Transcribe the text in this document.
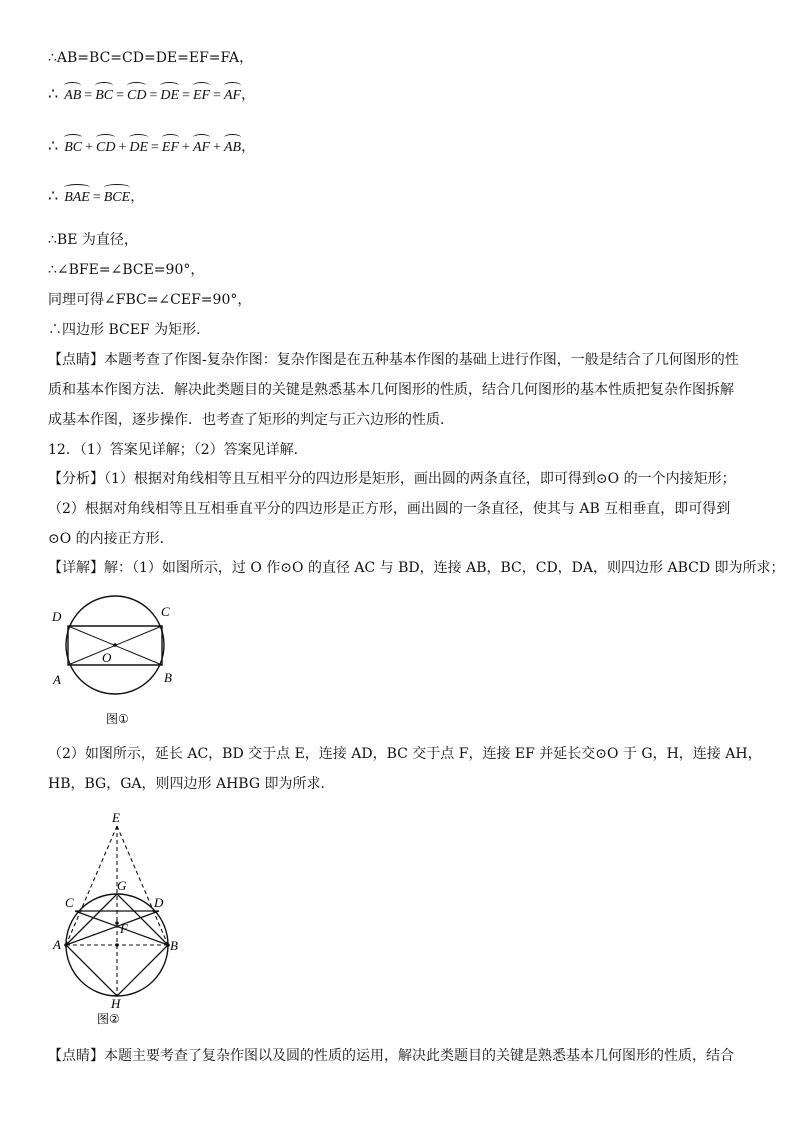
∴AB=BC=CD=DE=EF=FA，
∴ AB = BC = CD = DE = EF = AF，
∴ BC + CD + DE = EF + AF + AB，
∴ BAE = BCE，
∴BE 为直径，
∴∠BFE=∠BCE=90°，
同理可得∠FBC=∠CEF=90°，
∴四边形 BCEF 为矩形．
【点睛】本题考查了作图-复杂作图：复杂作图是在五种基本作图的基础上进行作图，一般是结合了几何图形的性
质和基本作图方法．解决此类题目的关键是熟悉基本几何图形的性质，结合几何图形的基本性质把复杂作图拆解
成基本作图，逐步操作．也考查了矩形的判定与正六边形的性质．
12．（1）答案见详解；（2）答案见详解．
【分析】（1）根据对角线相等且互相平分的四边形是矩形，画出圆的两条直径，即可得到⊙O 的一个内接矩形；
（2）根据对角线相等且互相垂直平分的四边形是正方形，画出圆的一条直径，使其与 AB 互相垂直，即可得到
⊙O 的内接正方形．
【详解】解：（1）如图所示，过 O 作⊙O 的直径 AC 与 BD，连接 AB，BC，CD，DA，则四边形 ABCD 即为所求；
D	C
O
A	B
图①
（2）如图所示，延长 AC，BD 交于点 E，连接 AD，BC 交于点 F，连接 EF 并延长交⊙O 于 G，H，连接 AH，
HB，BG，GA，则四边形 AHBG 即为所求．
E
C	D
G
F
A	B
H
图②
【点睛】本题主要考查了复杂作图以及圆的性质的运用，解决此类题目的关键是熟悉基本几何图形的性质，结合
